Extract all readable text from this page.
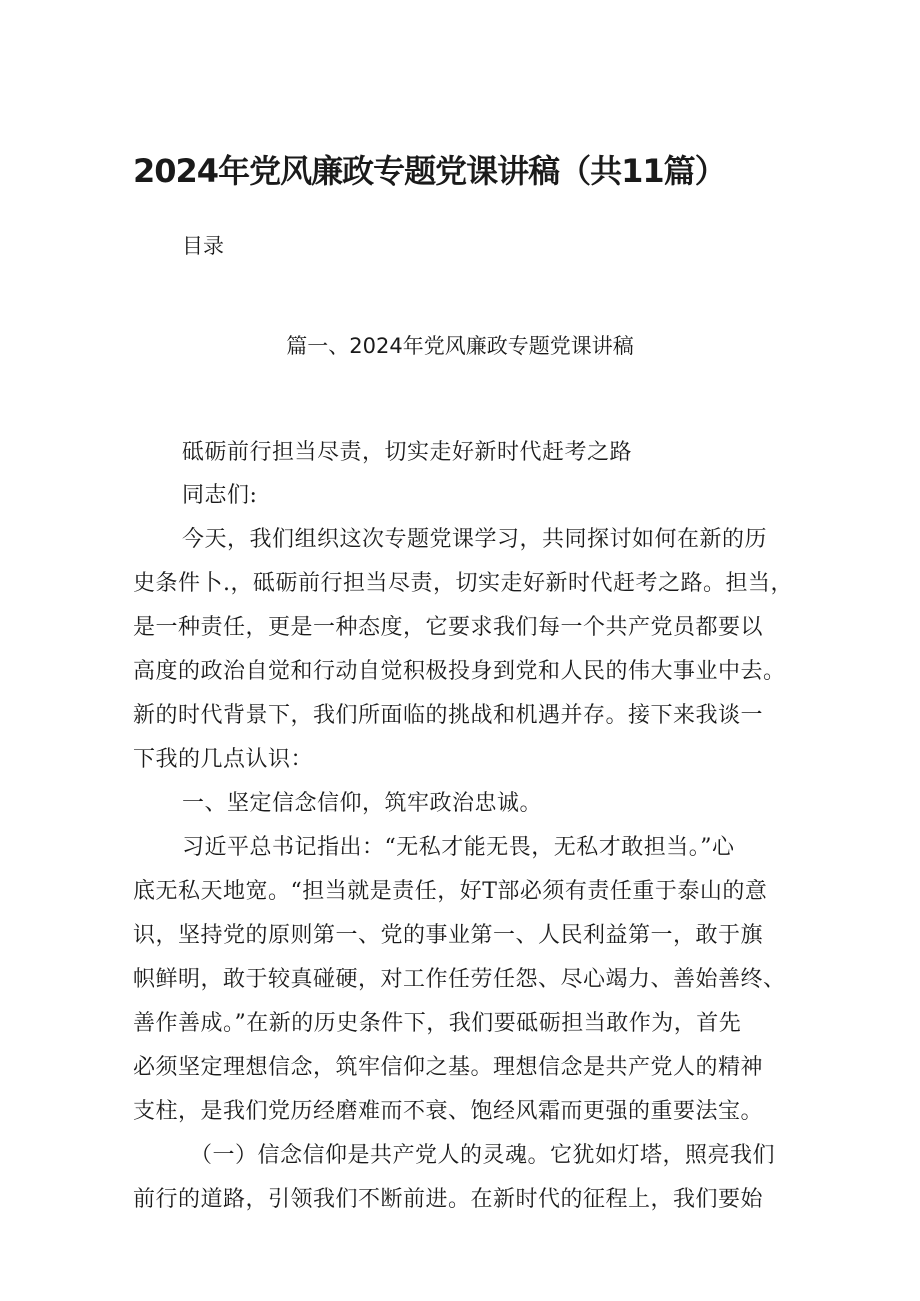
2024年党风廉政专题党课讲稿（共11篇）
目录
篇一、2024年党风廉政专题党课讲稿
砥砺前行担当尽责，切实走好新时代赶考之路
同志们:
今天，我们组织这次专题党课学习，共同探讨如何在新的历
史条件卜.，砥砺前行担当尽责，切实走好新时代赶考之路。担当，
是一种责任，更是一种态度，它要求我们每一个共产党员都要以
高度的政治自觉和行动自觉积极投身到党和人民的伟大事业中去。
新的时代背景下，我们所面临的挑战和机遇并存。接下来我谈一
下我的几点认识：
一、坚定信念信仰，筑牢政治忠诚。
习近平总书记指出：“无私才能无畏，无私才敢担当。”心
底无私天地宽。“担当就是责任，好T部必须有责任重于泰山的意
识，坚持党的原则第一、党的事业第一、人民利益第一，敢于旗
帜鲜明，敢于较真碰硬，对工作任劳任怨、尽心竭力、善始善终、
善作善成。”在新的历史条件下，我们要砥砺担当敢作为，首先
必须坚定理想信念，筑牢信仰之基。理想信念是共产党人的精神
支柱，是我们党历经磨难而不衰、饱经风霜而更强的重要法宝。
（一）信念信仰是共产党人的灵魂。它犹如灯塔，照亮我们
前行的道路，引领我们不断前进。在新时代的征程上，我们要始
